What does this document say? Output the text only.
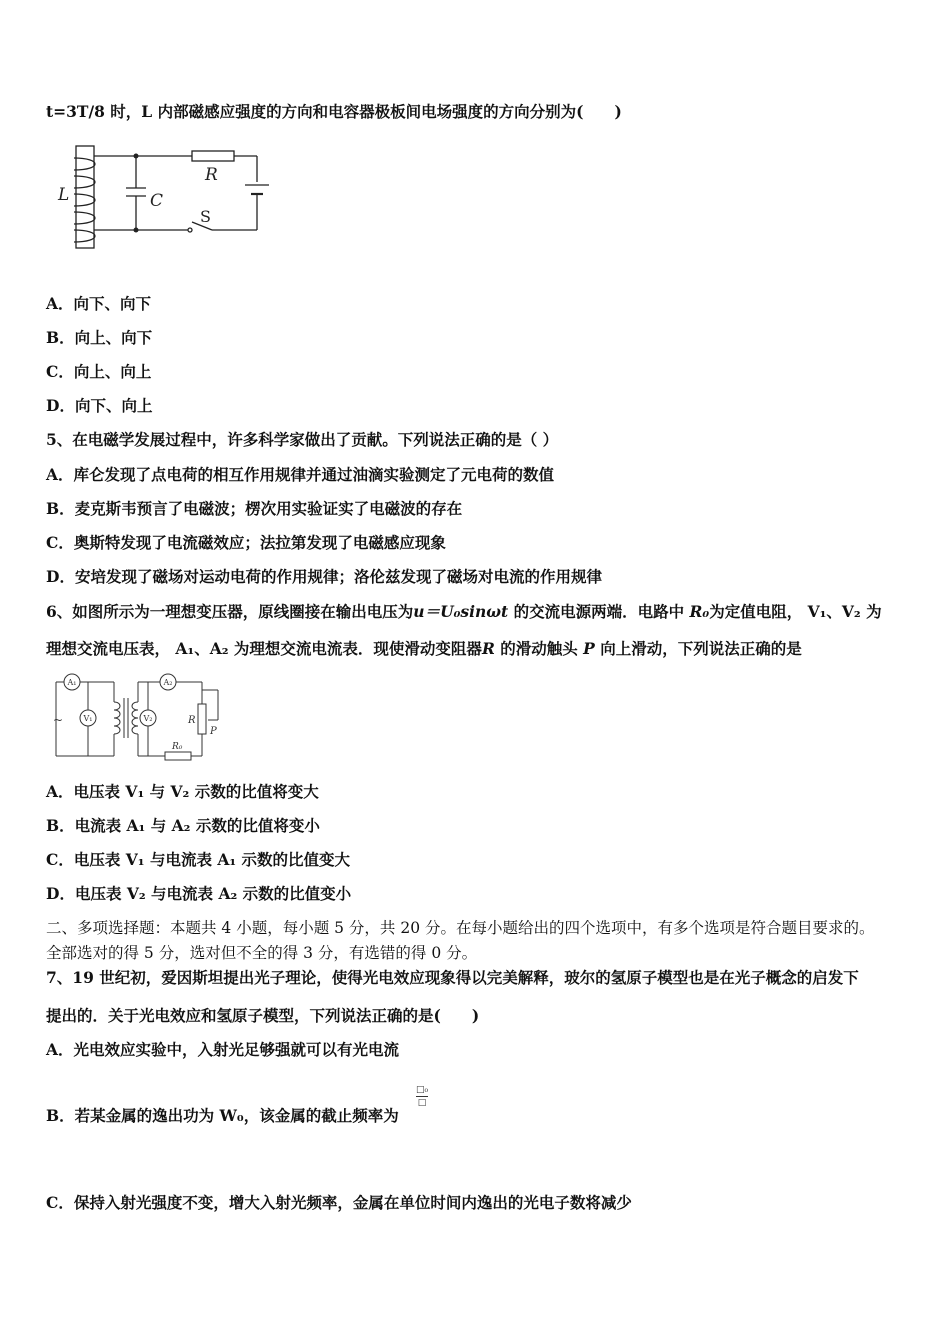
t=3T/8 时，L 内部磁感应强度的方向和电容器极板间电场强度的方向分别为(　　)
L	C
R
S
A．向下、向下
B．向上、向下
C．向上、向上
D．向下、向上
5、在电磁学发展过程中，许多科学家做出了贡献。下列说法正确的是（ ）
A．库仑发现了点电荷的相互作用规律并通过油滴实验测定了元电荷的数值
B．麦克斯韦预言了电磁波；楞次用实验证实了电磁波的存在
C．奥斯特发现了电流磁效应；法拉第发现了电磁感应现象
D．安培发现了磁场对运动电荷的作用规律；洛伦兹发现了磁场对电流的作用规律
6、如图所示为一理想变压器，原线圈接在输出电压为u＝U₀sinωt 的交流电源两端．电路中 R₀为定值电阻， V₁、V₂ 为
理想交流电压表， A₁、A₂ 为理想交流电流表．现使滑动变阻器R 的滑动触头 P 向上滑动，下列说法正确的是
A₁
V₁
A₂
V₂	R
P
R₀
~
A．电压表 V₁ 与 V₂ 示数的比值将变大
B．电流表 A₁ 与 A₂ 示数的比值将变小
C．电压表 V₁ 与电流表 A₁ 示数的比值变大
D．电压表 V₂ 与电流表 A₂ 示数的比值变小
二、多项选择题：本题共 4 小题，每小题 5 分，共 20 分。在每小题给出的四个选项中，有多个选项是符合题目要求的。
全部选对的得 5 分，选对但不全的得 3 分，有选错的得 0 分。
7、19 世纪初，爱因斯坦提出光子理论，使得光电效应现象得以完美解释，玻尔的氢原子模型也是在光子概念的启发下
提出的．关于光电效应和氢原子模型，下列说法正确的是(　　)
A．光电效应实验中，入射光足够强就可以有光电流
B．若某金属的逸出功为 W₀，该金属的截止频率为
□₀
□
C．保持入射光强度不变，增大入射光频率，金属在单位时间内逸出的光电子数将减少
